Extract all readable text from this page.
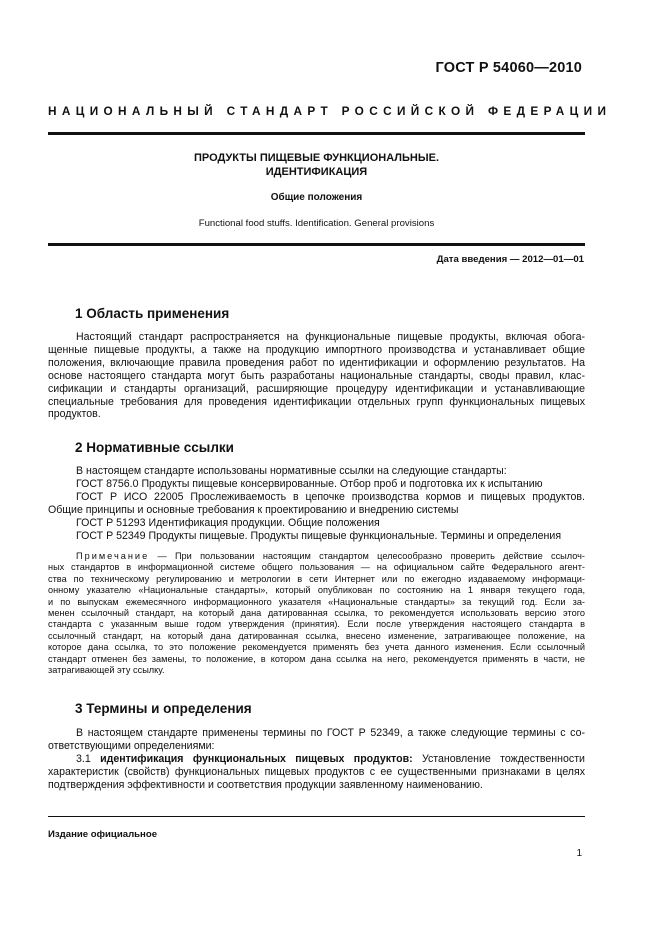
ГОСТ Р 54060—2010
НАЦИОНАЛЬНЫЙ СТАНДАРТ РОССИЙСКОЙ ФЕДЕРАЦИИ
ПРОДУКТЫ ПИЩЕВЫЕ ФУНКЦИОНАЛЬНЫЕ.
ИДЕНТИФИКАЦИЯ
Общие положения
Functional food stuffs. Identification. General provisions
Дата введения — 2012—01—01
1 Область применения
Настоящий стандарт распространяется на функциональные пищевые продукты, включая обога-
щенные пищевые продукты, а также на продукцию импортного производства и устанавливает общие
положения, включающие правила проведения работ по идентификации и оформлению результатов. На
основе настоящего стандарта могут быть разработаны национальные стандарты, своды правил, клас-
сификации и стандарты организаций, расширяющие процедуру идентификации и устанавливающие
специальные требования для проведения идентификации отдельных групп функциональных пищевых
продуктов.
2 Нормативные ссылки
В настоящем стандарте использованы нормативные ссылки на следующие стандарты:
ГОСТ 8756.0 Продукты пищевые консервированные. Отбор проб и подготовка их к испытанию
ГОСТ Р ИСО 22005 Прослеживаемость в цепочке производства кормов и пищевых продуктов.
Общие принципы и основные требования к проектированию и внедрению системы
ГОСТ Р 51293 Идентификация продукции. Общие положения
ГОСТ Р 52349 Продукты пищевые. Продукты пищевые функциональные. Термины и определения
Примечание — При пользовании настоящим стандартом целесообразно проверить действие ссылоч-
ных стандартов в информационной системе общего пользования — на официальном сайте Федерального агент-
ства по техническому регулированию и метрологии в сети Интернет или по ежегодно издаваемому информаци-
онному указателю «Национальные стандарты», который опубликован по состоянию на 1 января текущего года,
и по выпускам ежемесячного информационного указателя «Национальные стандарты» за текущий год. Если за-
менен ссылочный стандарт, на который дана датированная ссылка, то рекомендуется использовать версию этого
стандарта с указанным выше годом утверждения (принятия). Если после утверждения настоящего стандарта в
ссылочный стандарт, на который дана датированная ссылка, внесено изменение, затрагивающее положение, на
которое дана ссылка, то это положение рекомендуется применять без учета данного изменения. Если ссылочный
стандарт отменен без замены, то положение, в котором дана ссылка на него, рекомендуется применять в части, не
затрагивающей эту ссылку.
3 Термины и определения
В настоящем стандарте применены термины по ГОСТ Р 52349, а также следующие термины с со-
ответствующими определениями:
3.1 идентификация функциональных пищевых продуктов: Установление тождественности
характеристик (свойств) функциональных пищевых продуктов с ее существенными признаками в целях
подтверждения эффективности и соответствия продукции заявленному наименованию.
Издание официальное
1
